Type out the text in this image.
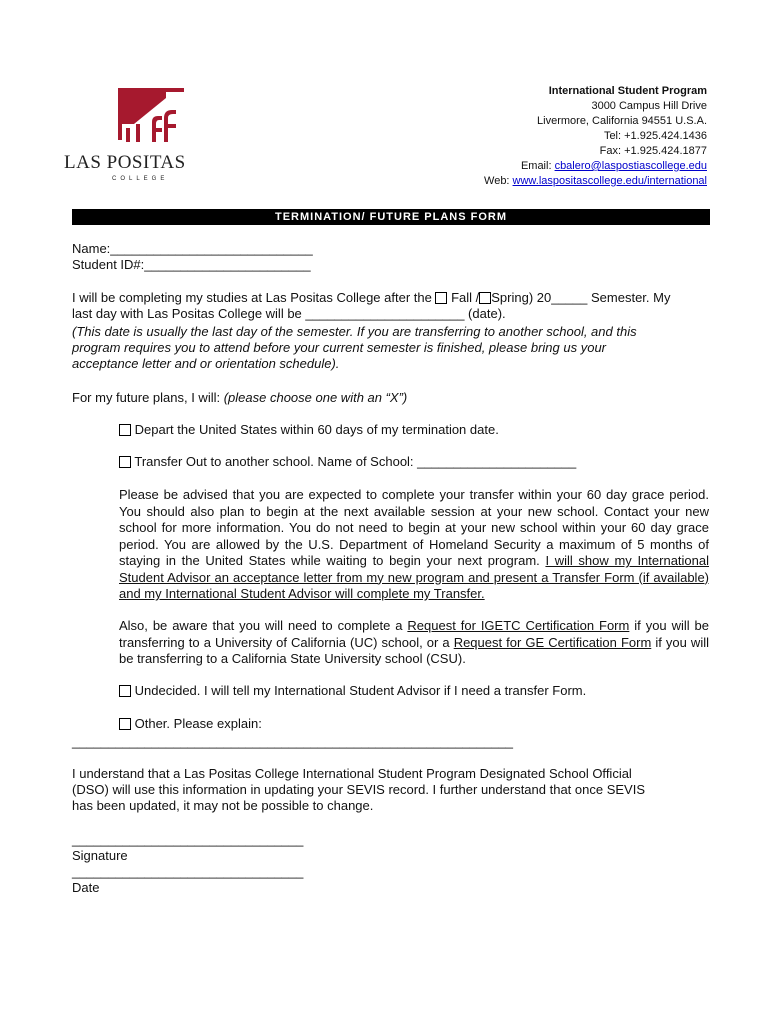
LAS POSITAS
COLLEGE
International Student Program
3000 Campus Hill Drive
Livermore, California 94551 U.S.A.
Tel: +1.925.424.1436
Fax: +1.925.424.1877
Email: cbalero@laspostiascollege.edu
Web: www.laspositascollege.edu/international
TERMINATION/ FUTURE PLANS FORM
Name:____________________________
Student ID#:_______________________
I will be completing my studies at Las Positas College after the Fall / Spring) 20_____ Semester. My
last day with Las Positas College will be ______________________ (date).
(This date is usually the last day of the semester. If you are transferring to another school, and this
program requires you to attend before your current semester is finished, please bring us your
acceptance letter and or orientation schedule).
For my future plans, I will: (please choose one with an “X”)
Depart the United States within 60 days of my termination date.
Transfer Out to another school. Name of School: ______________________
Please be advised that you are expected to complete your transfer within your 60 day grace period. You should also plan to begin at the next available session at your new school. Contact your new school for more information. You do not need to begin at your new school within your 60 day grace period. You are allowed by the U.S. Department of Homeland Security a maximum of 5 months of staying in the United States while waiting to begin your next program. I will show my International Student Advisor an acceptance letter from my new program and present a Transfer Form (if available) and my International Student Advisor will complete my Transfer.
Also, be aware that you will need to complete a Request for IGETC Certification Form if you will be transferring to a University of California (UC) school, or a Request for GE Certification Form if you will be transferring to a California State University school (CSU).
Undecided. I will tell my International Student Advisor if I need a transfer Form.
Other. Please explain:
_____________________________________________________________
I understand that a Las Positas College International Student Program Designated School Official
(DSO) will use this information in updating your SEVIS record. I further understand that once SEVIS
has been updated, it may not be possible to change.
________________________________
Signature
________________________________
Date
